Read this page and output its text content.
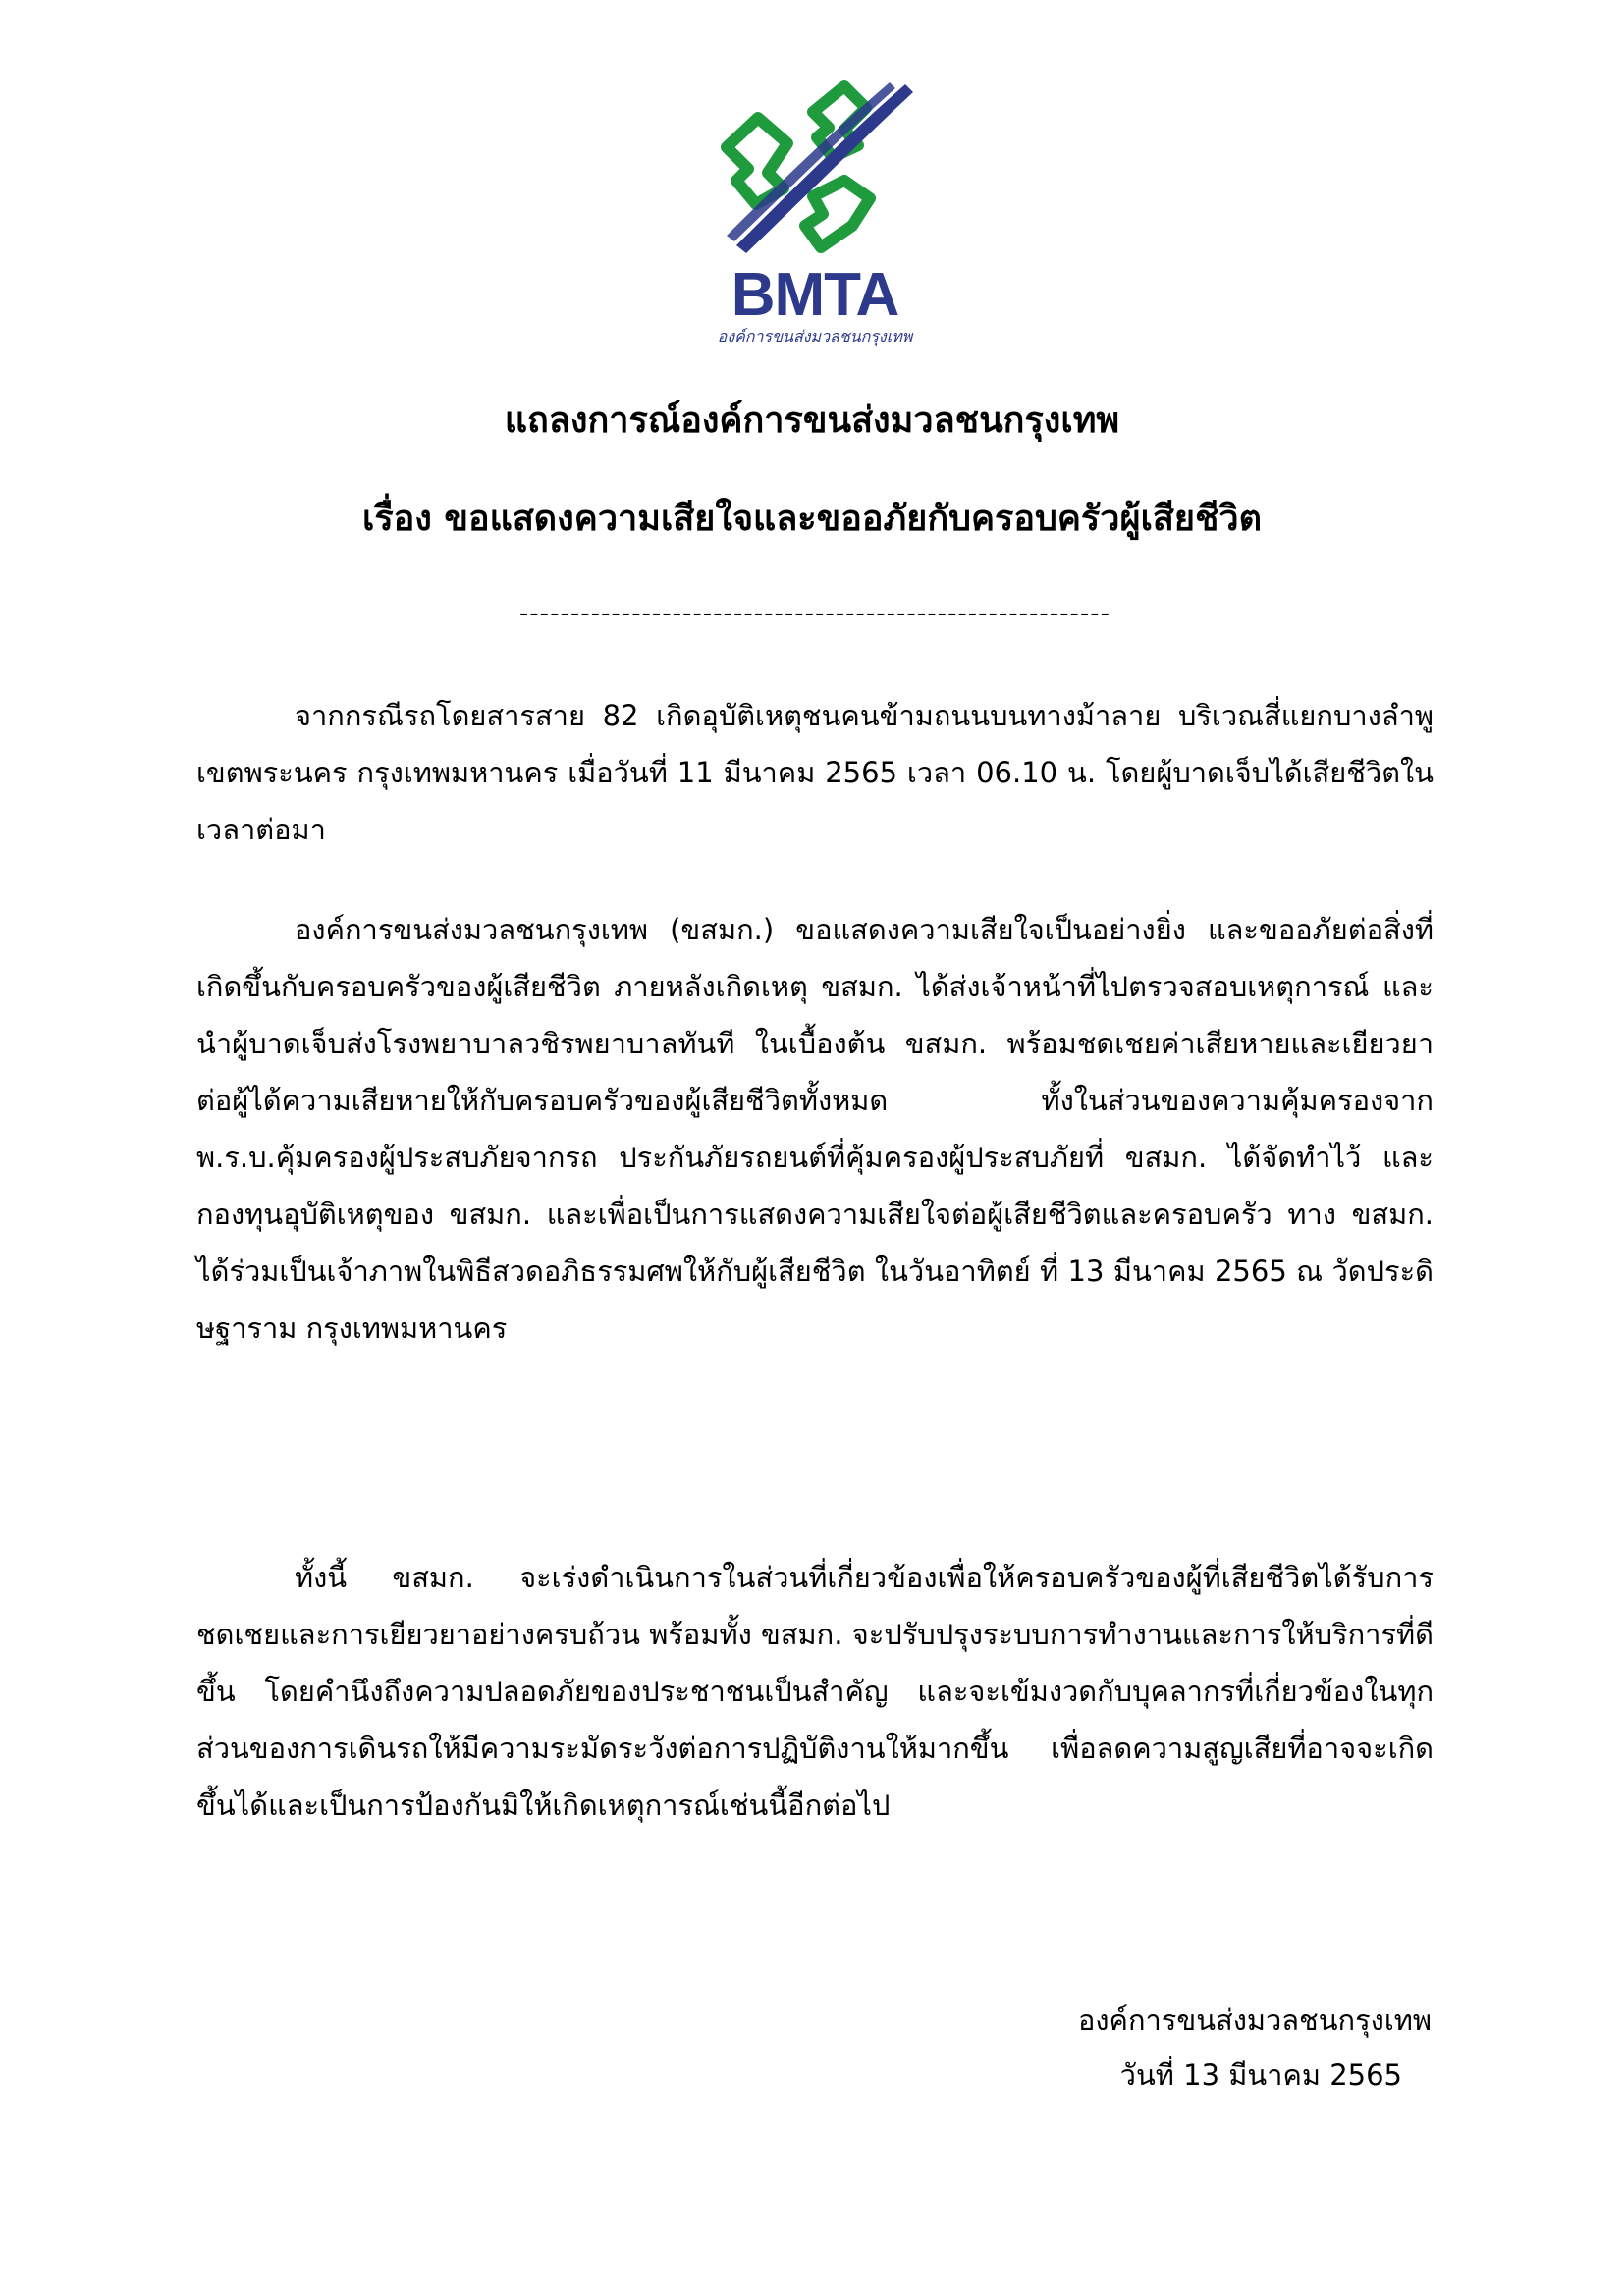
BMTA
องค์การขนส่งมวลชนกรุงเทพ
แถลงการณ์องค์การขนส่งมวลชนกรุงเทพ
เรื่อง ขอแสดงความเสียใจและขออภัยกับครอบครัวผู้เสียชีวิต
----------------------------------------------------------

จากกรณีรถโดยสารสาย 82 เกิดอุบัติเหตุชนคนข้ามถนนบนทางม้าลาย บริเวณสี่แยกบางลำพู เขตพระนคร กรุงเทพมหานคร เมื่อวันที่ 11 มีนาคม 2565 เวลา 06.10 น. โดยผู้บาดเจ็บได้เสียชีวิตในเวลาต่อมา

องค์การขนส่งมวลชนกรุงเทพ (ขสมก.) ขอแสดงความเสียใจเป็นอย่างยิ่ง และขออภัยต่อสิ่งที่เกิดขึ้นกับครอบครัวของผู้เสียชีวิต ภายหลังเกิดเหตุ ขสมก. ได้ส่งเจ้าหน้าที่ไปตรวจสอบเหตุการณ์ และนำผู้บาดเจ็บส่งโรงพยาบาลวชิรพยาบาลทันที ในเบื้องต้น ขสมก. พร้อมชดเชยค่าเสียหายและเยียวยาต่อผู้ได้ความเสียหายให้กับครอบครัวของผู้เสียชีวิตทั้งหมด ทั้งในส่วนของความคุ้มครองจาก พ.ร.บ.คุ้มครองผู้ประสบภัยจากรถ ประกันภัยรถยนต์ที่คุ้มครองผู้ประสบภัยที่ ขสมก. ได้จัดทำไว้ และกองทุนอุบัติเหตุของ ขสมก. และเพื่อเป็นการแสดงความเสียใจต่อผู้เสียชีวิตและครอบครัว ทาง ขสมก. ได้ร่วมเป็นเจ้าภาพในพิธีสวดอภิธรรมศพให้กับผู้เสียชีวิต ในวันอาทิตย์ ที่ 13 มีนาคม 2565 ณ วัดประดิษฐาราม กรุงเทพมหานคร

ทั้งนี้ ขสมก. จะเร่งดำเนินการในส่วนที่เกี่ยวข้องเพื่อให้ครอบครัวของผู้ที่เสียชีวิตได้รับการชดเชยและการเยียวยาอย่างครบถ้วน พร้อมทั้ง ขสมก. จะปรับปรุงระบบการทำงานและการให้บริการที่ดีขึ้น โดยคำนึงถึงความปลอดภัยของประชาชนเป็นสำคัญ และจะเข้มงวดกับบุคลากรที่เกี่ยวข้องในทุกส่วนของการเดินรถให้มีความระมัดระวังต่อการปฏิบัติงานให้มากขึ้น เพื่อลดความสูญเสียที่อาจจะเกิดขึ้นได้และเป็นการป้องกันมิให้เกิดเหตุการณ์เช่นนี้อีกต่อไป

องค์การขนส่งมวลชนกรุงเทพ
วันที่ 13 มีนาคม 2565
